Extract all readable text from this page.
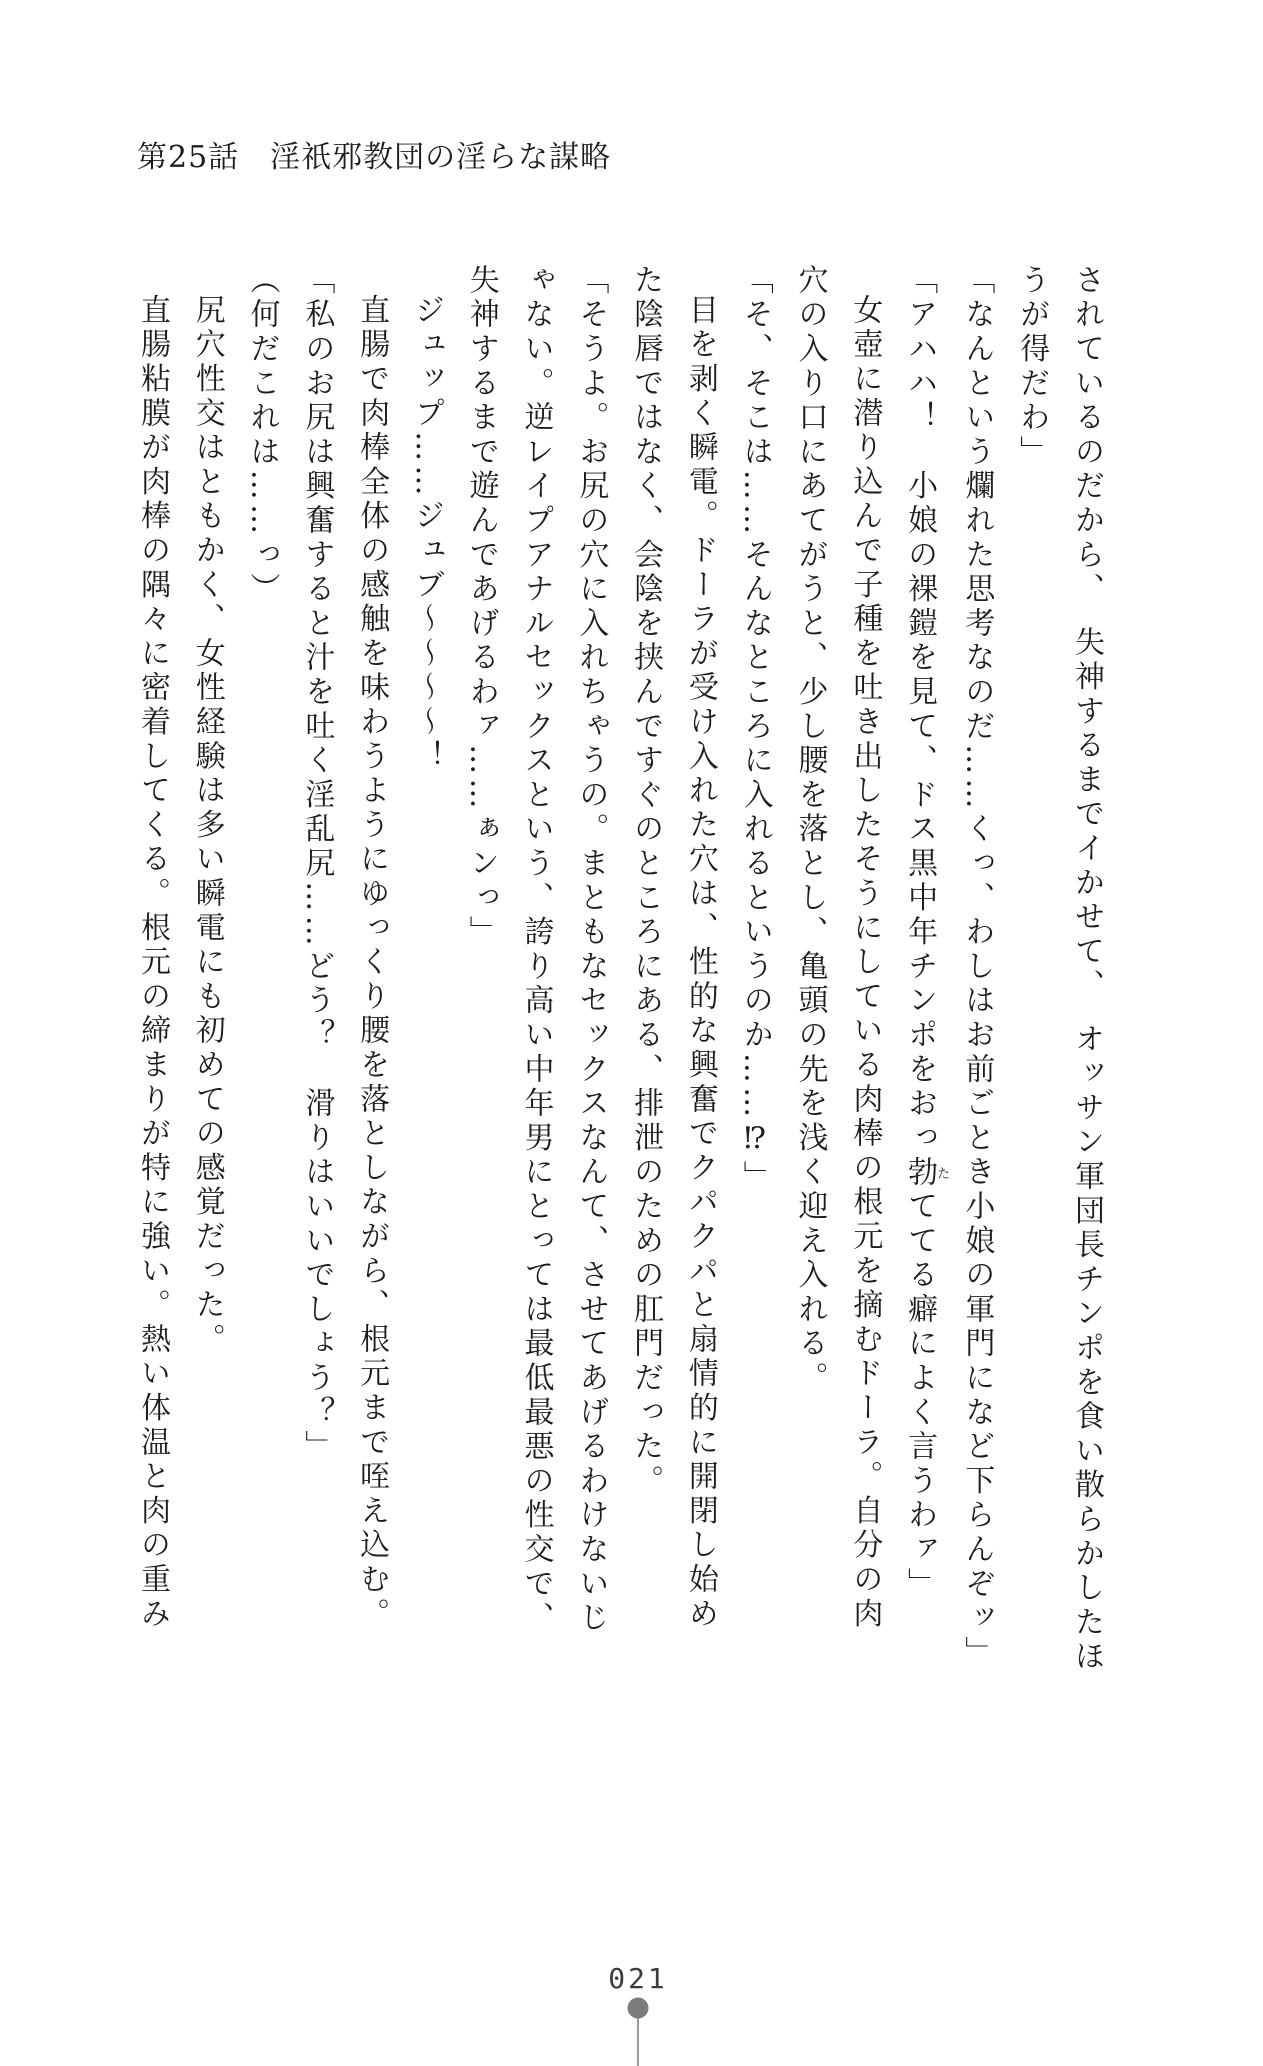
第25話　淫祇邪教団の淫らな謀略

されているのだから、　失神するまでイかせて、　オッサン軍団長チンポを食い散らかしたほ

うが得だわ」

「なんという爛れた思考なのだ……くっ、わしはお前ごとき小娘の軍門になど下らんぞッ」

「アハハ！　小娘の裸鎧を見て、ドス黒中年チンポをおっ勃たててる癖によく言うわァ」

女壺に潜り込んで子種を吐き出したそうにしている肉棒の根元を摘むドーラ。自分の肉

穴の入り口にあてがうと、少し腰を落とし、亀頭の先を浅く迎え入れる。

「そ、そこは……そんなところに入れるというのか……⁉」

目を剥く瞬電。ドーラが受け入れた穴は、性的な興奮でクパクパと扇情的に開閉し始め

た陰唇ではなく、会陰を挟んですぐのところにある、排泄のための肛門だった。

「そうよ。お尻の穴に入れちゃうの。まともなセックスなんて、させてあげるわけないじ

ゃない。逆レイプアナルセックスという、誇り高い中年男にとっては最低最悪の性交で、

失神するまで遊んであげるわァ……ぁンっ」

ジュップ……ジュブ～～～～！

直腸で肉棒全体の感触を味わうようにゆっくり腰を落としながら、根元まで咥え込む。

「私のお尻は興奮すると汁を吐く淫乱尻……どう？　滑りはいいでしょう？」

（何だこれは……っ）

尻穴性交はともかく、女性経験は多い瞬電にも初めての感覚だった。

直腸粘膜が肉棒の隅々に密着してくる。根元の締まりが特に強い。熱い体温と肉の重み

021
